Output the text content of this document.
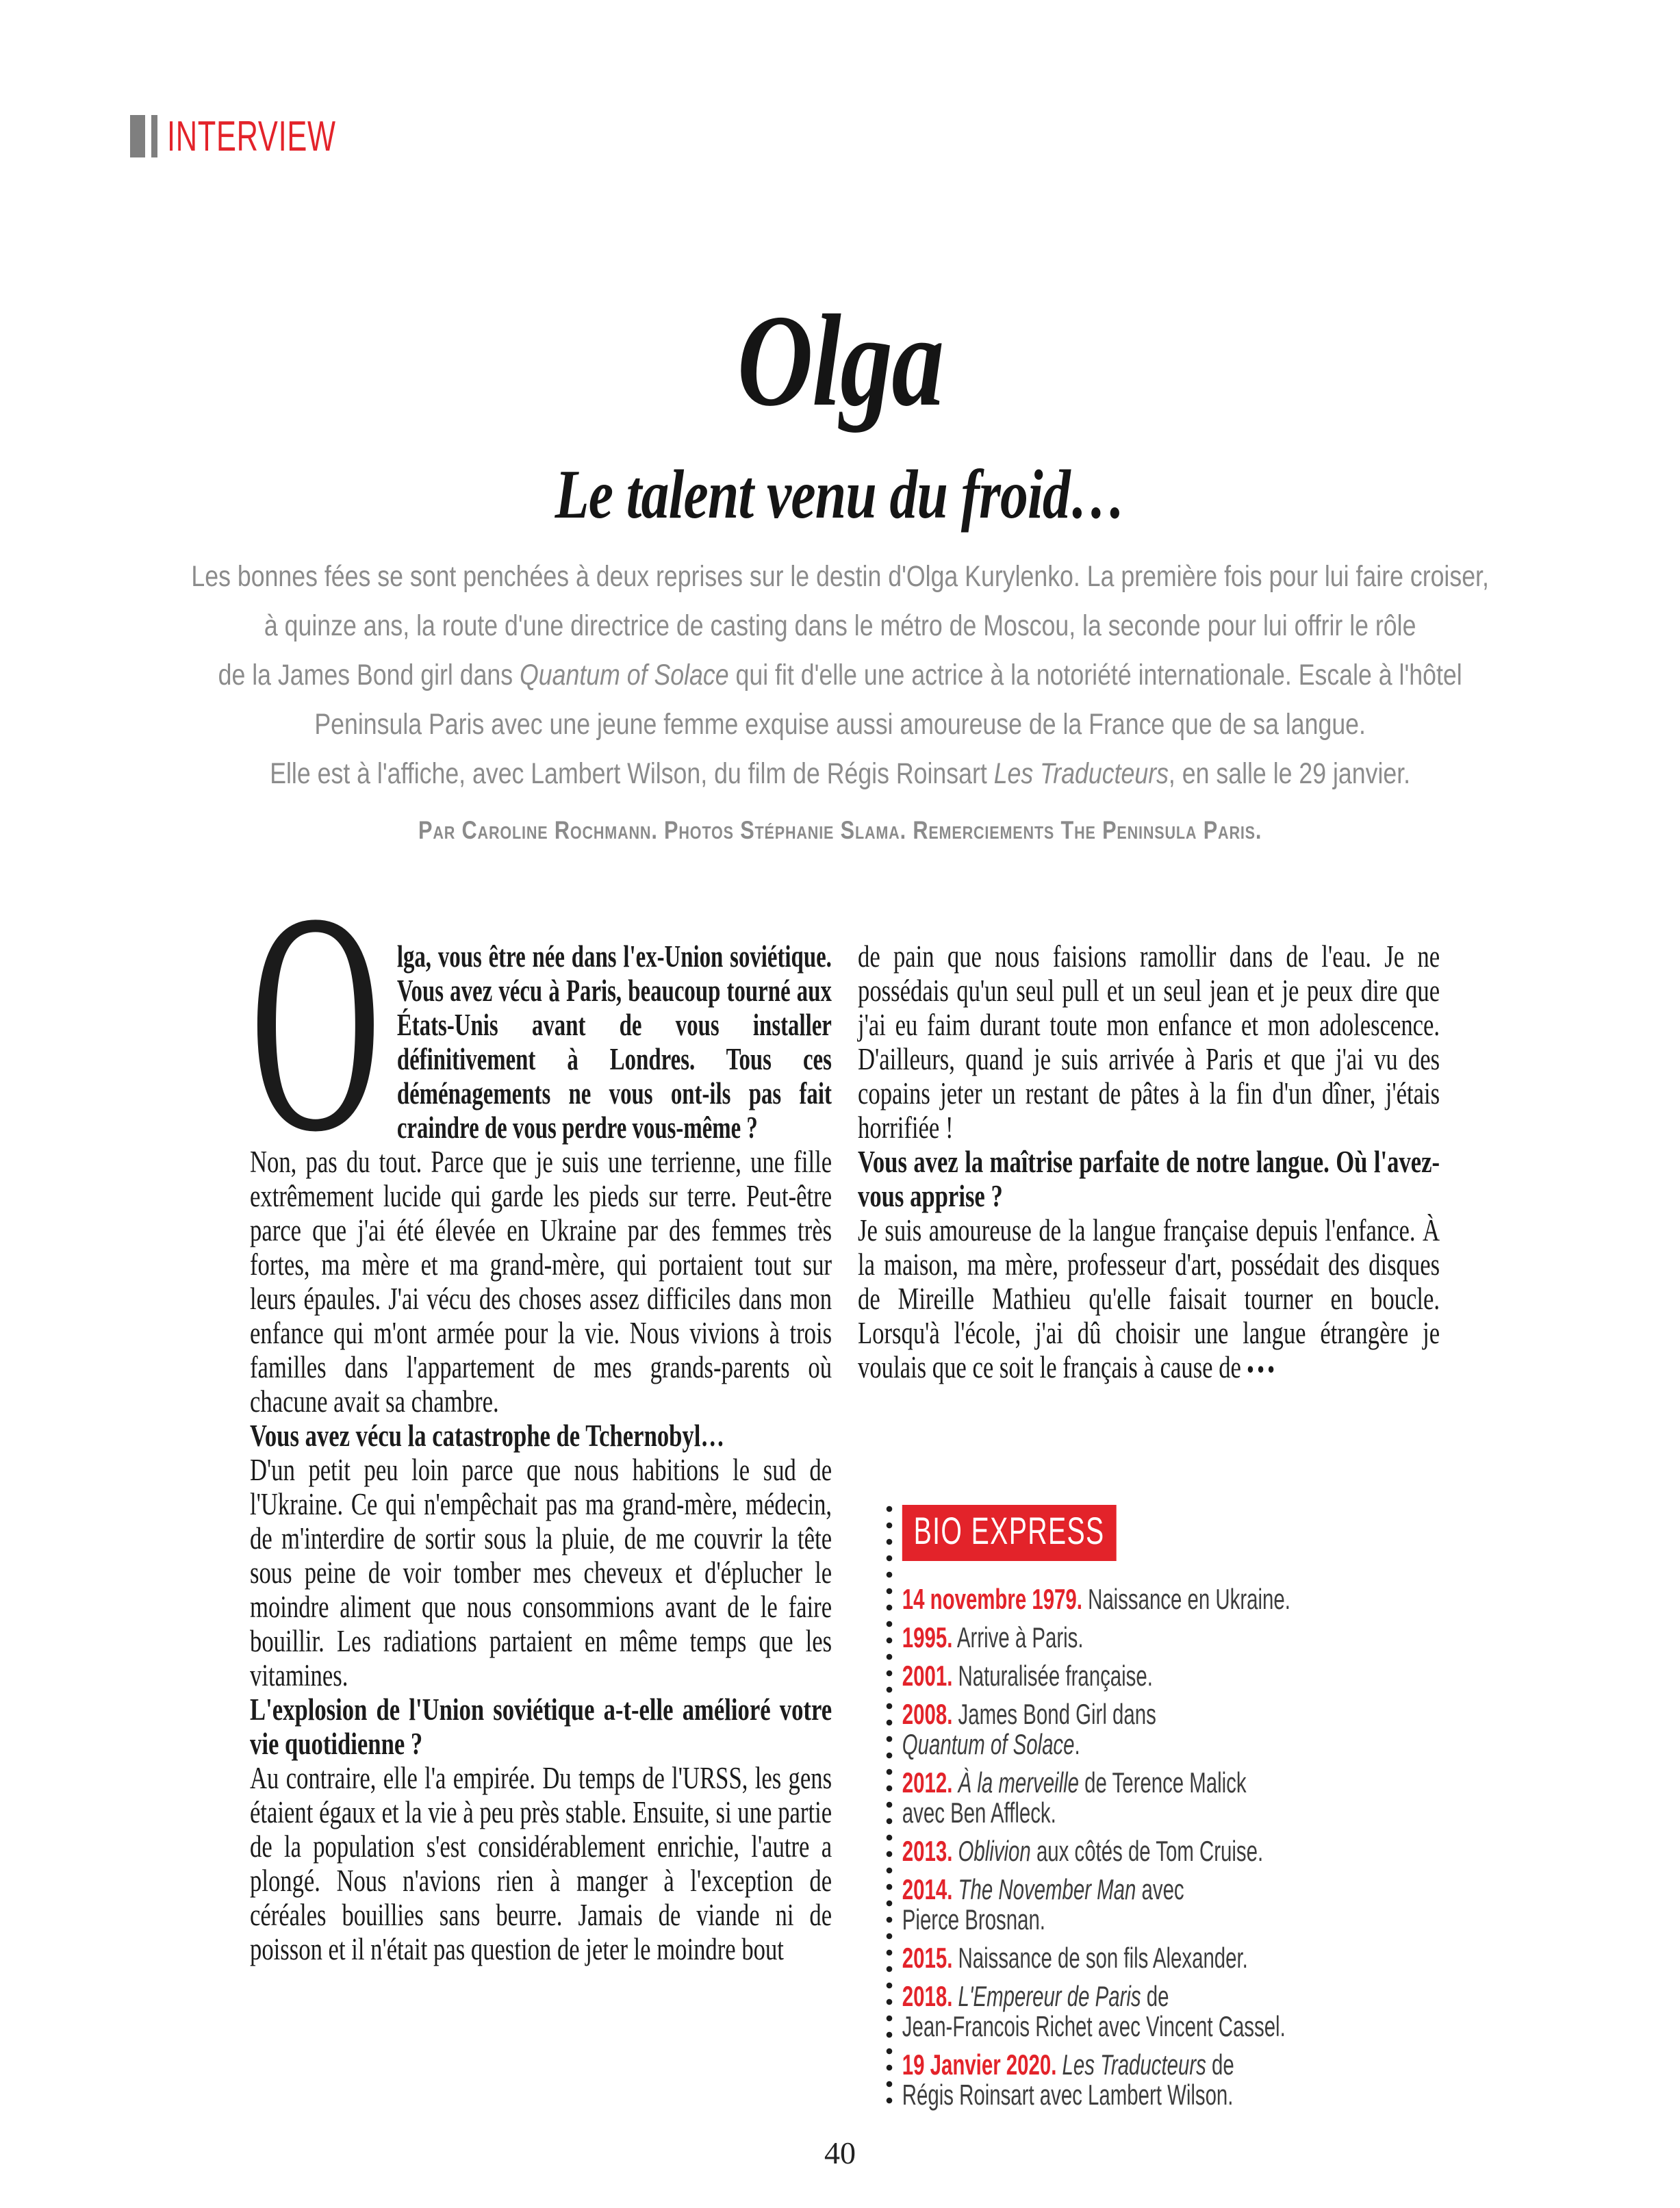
INTERVIEW
Olga
Le talent venu du froid…

Les bonnes fées se sont penchées à deux reprises sur le destin d'Olga Kurylenko. La première fois pour lui faire croiser,
à quinze ans, la route d'une directrice de casting dans le métro de Moscou, la seconde pour lui offrir le rôle
de la James Bond girl dans Quantum of Solace qui fit d'elle une actrice à la notoriété internationale. Escale à l'hôtel
Peninsula Paris avec une jeune femme exquise aussi amoureuse de la France que de sa langue.
Elle est à l'affiche, avec Lambert Wilson, du film de Régis Roinsart Les Traducteurs, en salle le 29 janvier.

Par Caroline Rochmann. Photos Stéphanie Slama. Remerciements The Peninsula Paris.

O lga, vous être née dans l'ex-Union soviétique. Vous avez vécu à Paris, beaucoup tourné aux États-Unis avant de vous installer définitivement à Londres. Tous ces déménagements ne vous ont-ils pas fait craindre de vous perdre vous-même ?

Non, pas du tout. Parce que je suis une terrienne, une fille extrêmement lucide qui garde les pieds sur terre. Peut-être parce que j'ai été élevée en Ukraine par des femmes très fortes, ma mère et ma grand-mère, qui portaient tout sur leurs épaules. J'ai vécu des choses assez difficiles dans mon enfance qui m'ont armée pour la vie. Nous vivions à trois familles dans l'appartement de mes grands-parents où chacune avait sa chambre.

Vous avez vécu la catastrophe de Tchernobyl…

D'un petit peu loin parce que nous habitions le sud de l'Ukraine. Ce qui n'empêchait pas ma grand-mère, médecin, de m'interdire de sortir sous la pluie, de me couvrir la tête sous peine de voir tomber mes cheveux et d'éplucher le moindre aliment que nous consommions avant de le faire bouillir. Les radiations partaient en même temps que les vitamines.

L'explosion de l'Union soviétique a-t-elle amélioré votre vie quotidienne ?

Au contraire, elle l'a empirée. Du temps de l'URSS, les gens étaient égaux et la vie à peu près stable. Ensuite, si une partie de la population s'est considérablement enrichie, l'autre a plongé. Nous n'avions rien à manger à l'exception de céréales bouillies sans beurre. Jamais de viande ni de poisson et il n'était pas question de jeter le moindre bout

de pain que nous faisions ramollir dans de l'eau. Je ne possédais qu'un seul pull et un seul jean et je peux dire que j'ai eu faim durant toute mon enfance et mon adolescence. D'ailleurs, quand je suis arrivée à Paris et que j'ai vu des copains jeter un restant de pâtes à la fin d'un dîner, j'étais horrifiée !

Vous avez la maîtrise parfaite de notre langue. Où l'avez-vous apprise ?

Je suis amoureuse de la langue française depuis l'enfance. À la maison, ma mère, professeur d'art, possédait des disques de Mireille Mathieu qu'elle faisait tourner en boucle. Lorsqu'à l'école, j'ai dû choisir une langue étrangère je voulais que ce soit le français à cause de •••

BIO EXPRESS
14 novembre 1979. Naissance en Ukraine.
1995. Arrive à Paris.
2001. Naturalisée française.
2008. James Bond Girl dans
Quantum of Solace.
2012. À la merveille de Terence Malick
avec Ben Affleck.
2013. Oblivion aux côtés de Tom Cruise.
2014. The November Man avec
Pierce Brosnan.
2015. Naissance de son fils Alexander.
2018. L'Empereur de Paris de
Jean-Francois Richet avec Vincent Cassel.
19 Janvier 2020. Les Traducteurs de
Régis Roinsart avec Lambert Wilson.
40
